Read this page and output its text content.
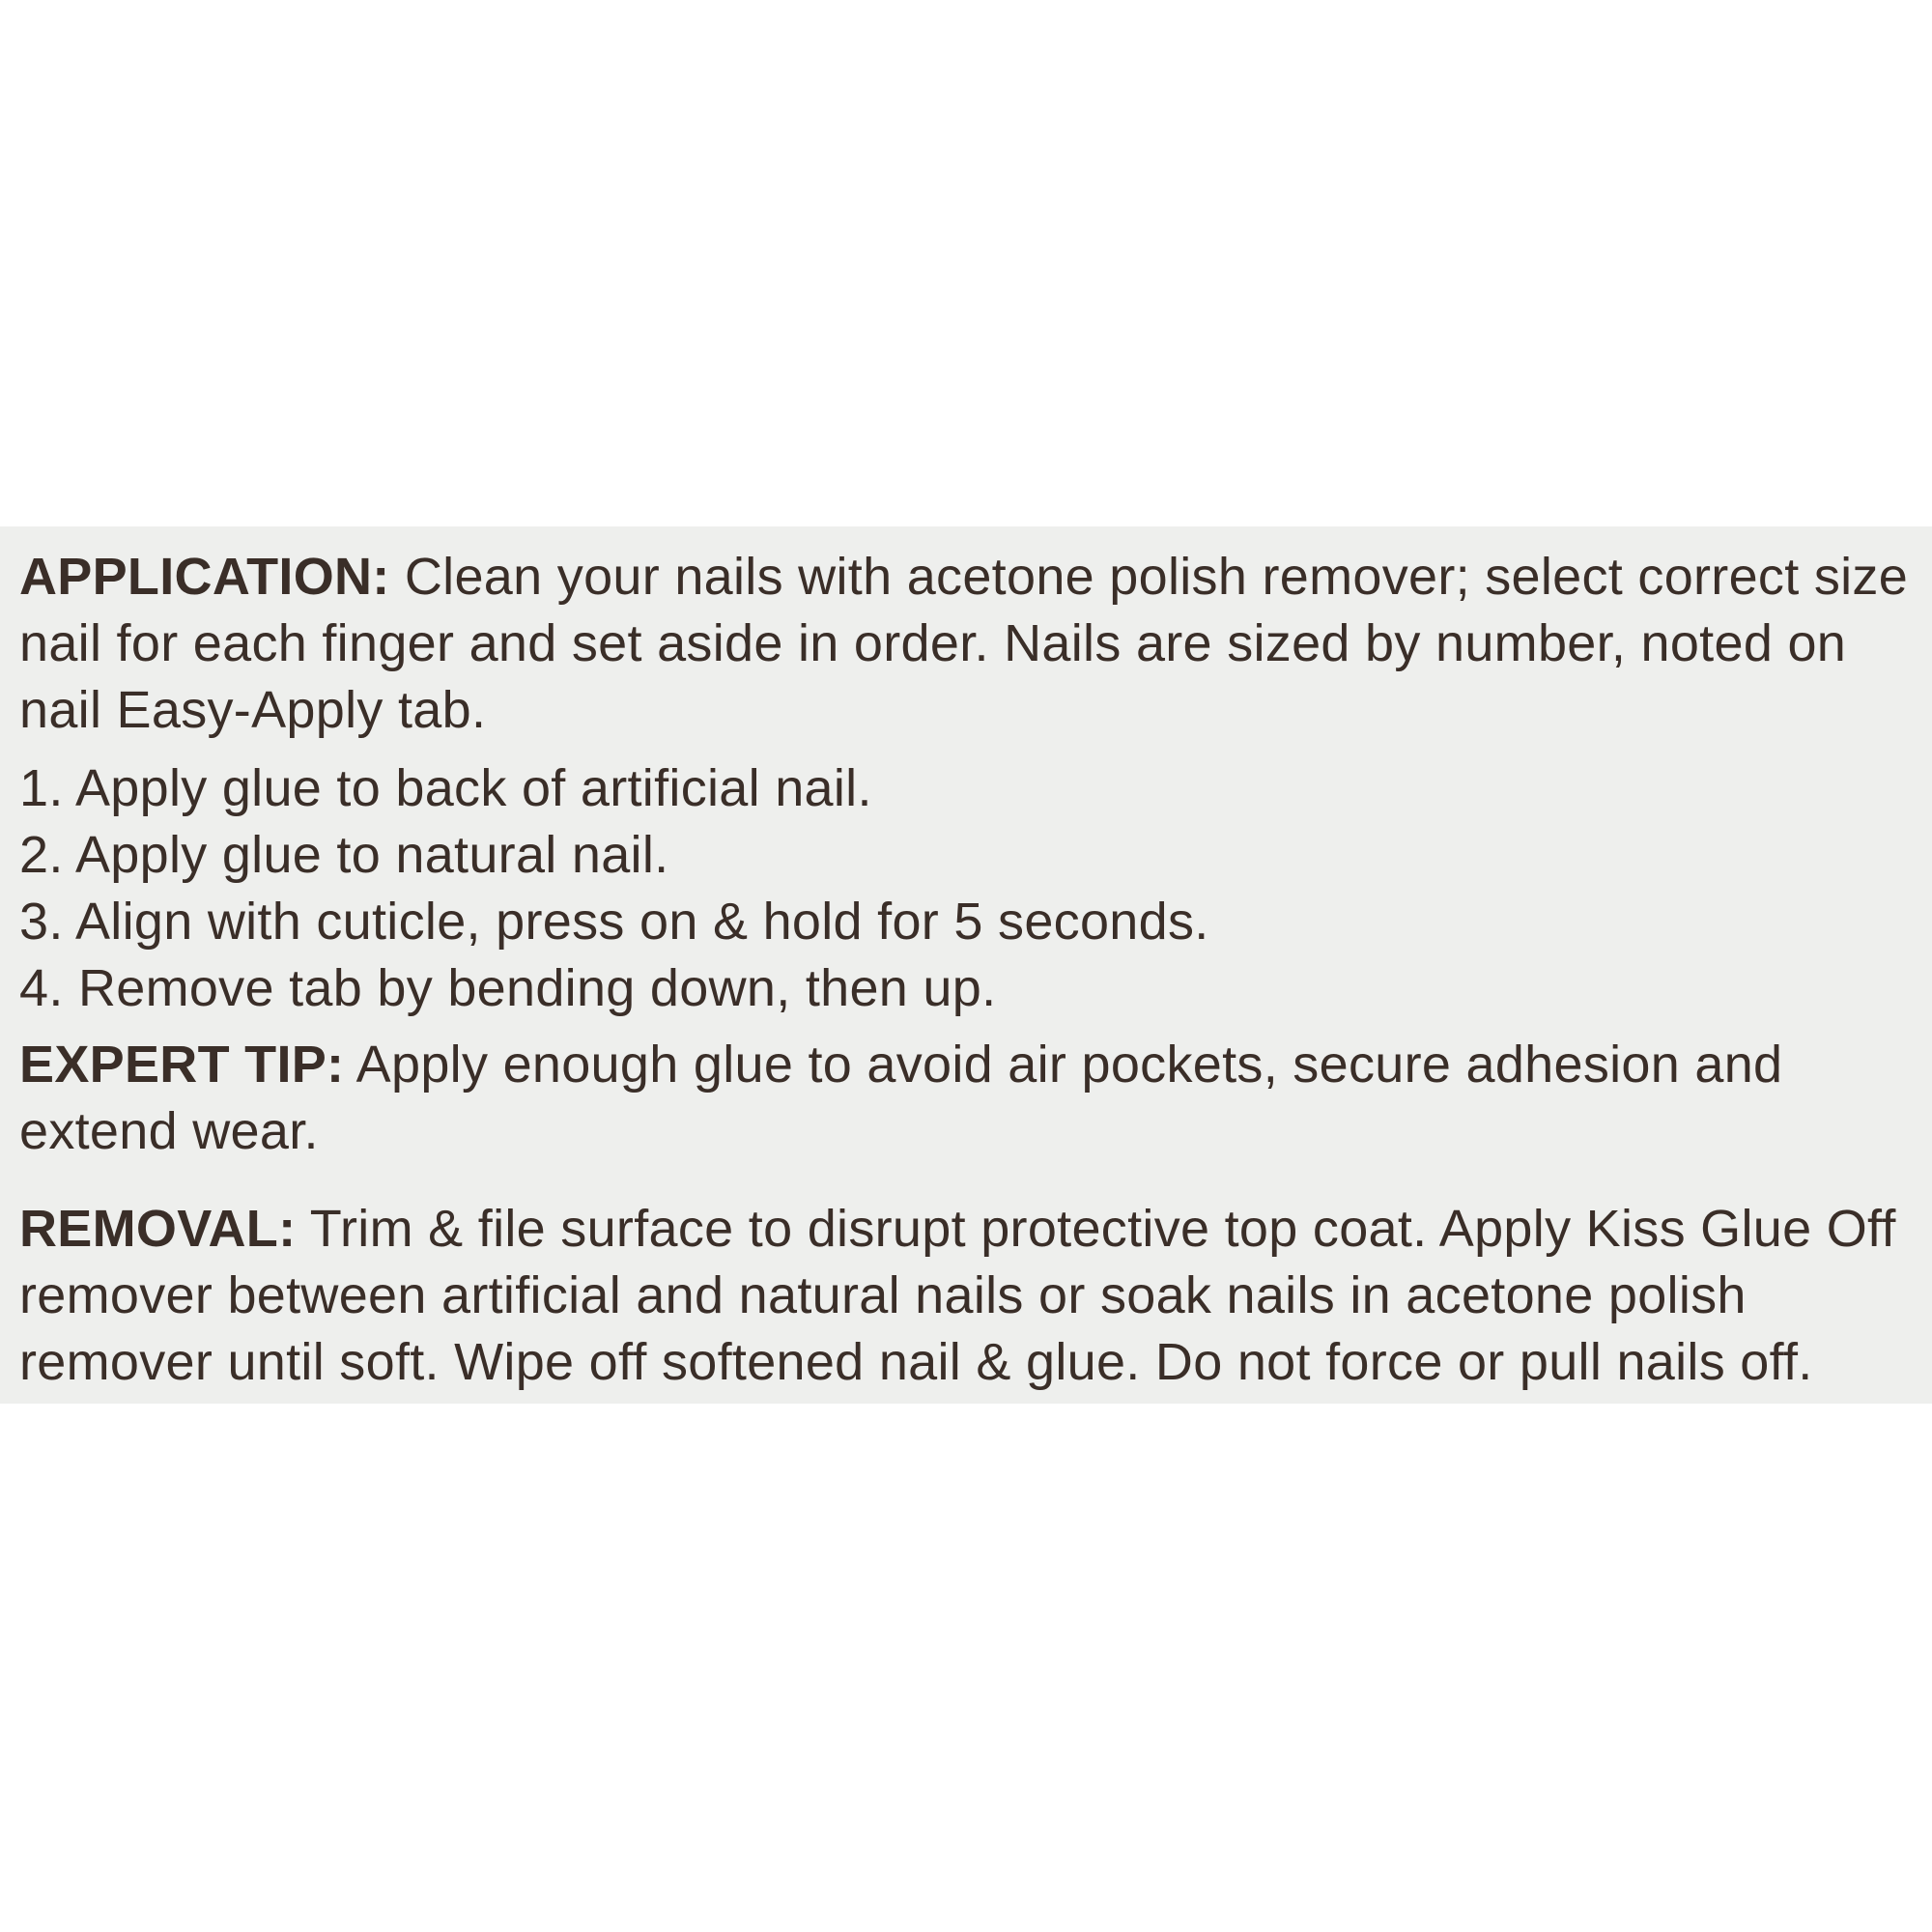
APPLICATION: Clean your nails with acetone polish remover; select correct size nail for each finger and set aside in order. Nails are sized by number, noted on nail Easy-Apply tab.

1. Apply glue to back of artificial nail.
2. Apply glue to natural nail.
3. Align with cuticle, press on & hold for 5 seconds.
4. Remove tab by bending down, then up.

EXPERT TIP: Apply enough glue to avoid air pockets, secure adhesion and extend wear.

REMOVAL: Trim & file surface to disrupt protective top coat. Apply Kiss Glue Off remover between artificial and natural nails or soak nails in acetone polish remover until soft. Wipe off softened nail & glue. Do not force or pull nails off.
